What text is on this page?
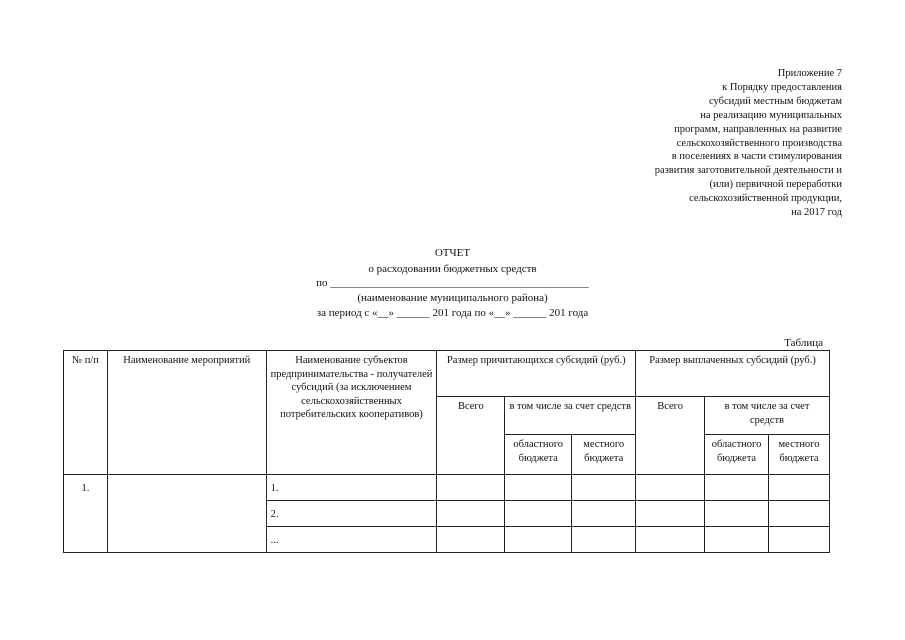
Приложение 7
к Порядку предоставления
субсидий местным бюджетам
на реализацию муниципальных
программ, направленных на развитие
сельскохозяйственного производства
в поселениях в части стимулирования
развития заготовительной деятельности и
(или) первичной переработки
сельскохозяйственной продукции,
на 2017 год
ОТЧЕТ
о расходовании бюджетных средств
по _______________________________________________
(наименование муниципального района)
за период с «__» ______ 201 года по «__» ______ 201 года
Таблица
№ п/п	Наименование мероприятий	Наименование субъектов предпринимательства - получателей субсидий (за исключением сельскохозяйственных потребительских кооперативов)	Размер причитающихся субсидий (руб.)			Размер выплаченных субсидий (руб.)		
			Всего	в том числе за счет средств		Всего	в том числе за счет средств	
				областного бюджета	местного бюджета		областного бюджета	местного бюджета
1.		1.						
		2.						
		...						
